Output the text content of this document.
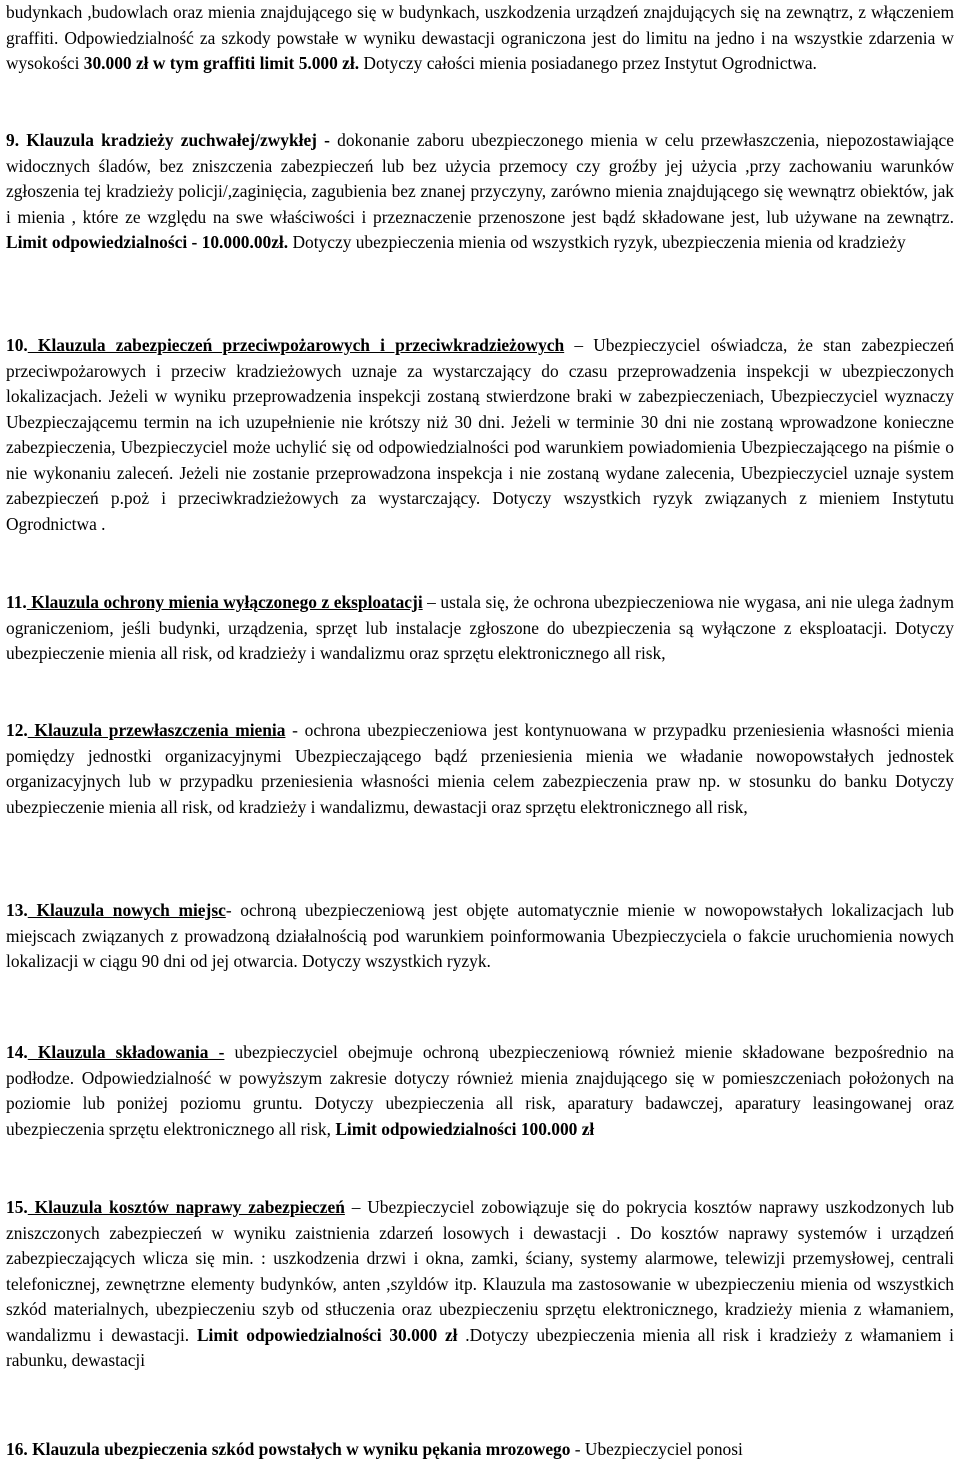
budynkach ,budowlach oraz mienia znajdującego się w budynkach, uszkodzenia urządzeń znajdujących się na zewnątrz, z włączeniem graffiti. Odpowiedzialność za szkody powstałe w wyniku dewastacji ograniczona jest do limitu na jedno i na wszystkie zdarzenia w wysokości 30.000 zł w tym graffiti limit 5.000 zł. Dotyczy całości mienia posiadanego przez Instytut Ogrodnictwa.

9. Klauzula kradzieży zuchwałej/zwykłej - dokonanie zaboru ubezpieczonego mienia w celu przewłaszczenia, niepozostawiające widocznych śladów, bez zniszczenia zabezpieczeń lub bez użycia przemocy czy groźby jej użycia ,przy zachowaniu warunków zgłoszenia tej kradzieży policji/,zaginięcia, zagubienia bez znanej przyczyny, zarówno mienia znajdującego się wewnątrz obiektów, jak i mienia , które ze względu na swe właściwości i przeznaczenie przenoszone jest bądź składowane jest, lub używane na zewnątrz. Limit odpowiedzialności - 10.000.00zł. Dotyczy ubezpieczenia mienia od wszystkich ryzyk, ubezpieczenia mienia od kradzieży

10. Klauzula zabezpieczeń przeciwpożarowych i przeciwkradzieżowych – Ubezpieczyciel oświadcza, że stan zabezpieczeń przeciwpożarowych i przeciw kradzieżowych uznaje za wystarczający do czasu przeprowadzenia inspekcji w ubezpieczonych lokalizacjach. Jeżeli w wyniku przeprowadzenia inspekcji zostaną stwierdzone braki w zabezpieczeniach, Ubezpieczyciel wyznaczy Ubezpieczającemu termin na ich uzupełnienie nie krótszy niż 30 dni. Jeżeli w terminie 30 dni nie zostaną wprowadzone konieczne zabezpieczenia, Ubezpieczyciel może uchylić się od odpowiedzialności pod warunkiem powiadomienia Ubezpieczającego na piśmie o nie wykonaniu zaleceń. Jeżeli nie zostanie przeprowadzona inspekcja i nie zostaną wydane zalecenia, Ubezpieczyciel uznaje system zabezpieczeń p.poż i przeciwkradzieżowych za wystarczający. Dotyczy wszystkich ryzyk związanych z mieniem Instytutu Ogrodnictwa .

11. Klauzula ochrony mienia wyłączonego z eksploatacji – ustala się, że ochrona ubezpieczeniowa nie wygasa, ani nie ulega żadnym ograniczeniom, jeśli budynki, urządzenia, sprzęt lub instalacje zgłoszone do ubezpieczenia są wyłączone z eksploatacji. Dotyczy ubezpieczenie mienia all risk, od kradzieży i wandalizmu oraz sprzętu elektronicznego all risk,

12. Klauzula przewłaszczenia mienia - ochrona ubezpieczeniowa jest kontynuowana w przypadku przeniesienia własności mienia pomiędzy jednostki organizacyjnymi Ubezpieczającego bądź przeniesienia mienia we władanie nowopowstałych jednostek organizacyjnych lub w przypadku przeniesienia własności mienia celem zabezpieczenia praw np. w stosunku do banku Dotyczy ubezpieczenie mienia all risk, od kradzieży i wandalizmu, dewastacji oraz sprzętu elektronicznego all risk,

13. Klauzula nowych miejsc- ochroną ubezpieczeniową jest objęte automatycznie mienie w nowopowstałych lokalizacjach lub miejscach związanych z prowadzoną działalnością pod warunkiem poinformowania Ubezpieczyciela o fakcie uruchomienia nowych lokalizacji w ciągu 90 dni od jej otwarcia. Dotyczy wszystkich ryzyk.

14. Klauzula składowania - ubezpieczyciel obejmuje ochroną ubezpieczeniową również mienie składowane bezpośrednio na podłodze. Odpowiedzialność w powyższym zakresie dotyczy również mienia znajdującego się w pomieszczeniach położonych na poziomie lub poniżej poziomu gruntu. Dotyczy ubezpieczenia all risk, aparatury badawczej, aparatury leasingowanej oraz ubezpieczenia sprzętu elektronicznego all risk, Limit odpowiedzialności 100.000 zł

15. Klauzula kosztów naprawy zabezpieczeń – Ubezpieczyciel zobowiązuje się do pokrycia kosztów naprawy uszkodzonych lub zniszczonych zabezpieczeń w wyniku zaistnienia zdarzeń losowych i dewastacji . Do kosztów naprawy systemów i urządzeń zabezpieczających wlicza się min. : uszkodzenia drzwi i okna, zamki, ściany, systemy alarmowe, telewizji przemysłowej, centrali telefonicznej, zewnętrzne elementy budynków, anten ,szyldów itp. Klauzula ma zastosowanie w ubezpieczeniu mienia od wszystkich szkód materialnych, ubezpieczeniu szyb od stłuczenia oraz ubezpieczeniu sprzętu elektronicznego, kradzieży mienia z włamaniem, wandalizmu i dewastacji. Limit odpowiedzialności 30.000 zł .Dotyczy ubezpieczenia mienia all risk i kradzieży z włamaniem i rabunku, dewastacji

16. Klauzula ubezpieczenia szkód powstałych w wyniku pękania mrozowego - Ubezpieczyciel ponosi
